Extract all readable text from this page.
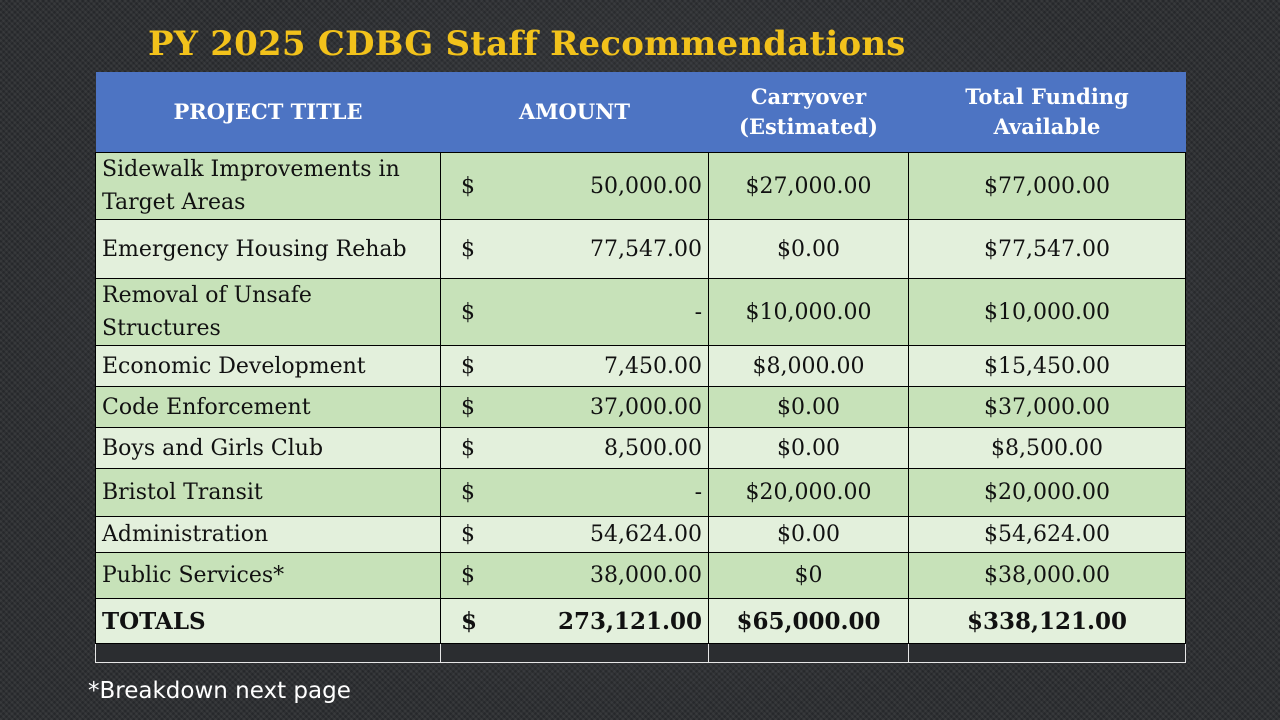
PY 2025 CDBG Staff Recommendations
PROJECT TITLE	AMOUNT	Carryover (Estimated)	Total Funding Available
Sidewalk Improvements in Target Areas	$ 50,000.00	$27,000.00	$77,000.00
Emergency Housing Rehab	$ 77,547.00	$0.00	$77,547.00
Removal of Unsafe Structures	$ -	$10,000.00	$10,000.00
Economic Development	$ 7,450.00	$8,000.00	$15,450.00
Code Enforcement	$ 37,000.00	$0.00	$37,000.00
Boys and Girls Club	$ 8,500.00	$0.00	$8,500.00
Bristol Transit	$ -	$20,000.00	$20,000.00
Administration	$ 54,624.00	$0.00	$54,624.00
Public Services*	$ 38,000.00	$0	$38,000.00
TOTALS	$ 273,121.00	$65,000.00	$338,121.00

*Breakdown next page
